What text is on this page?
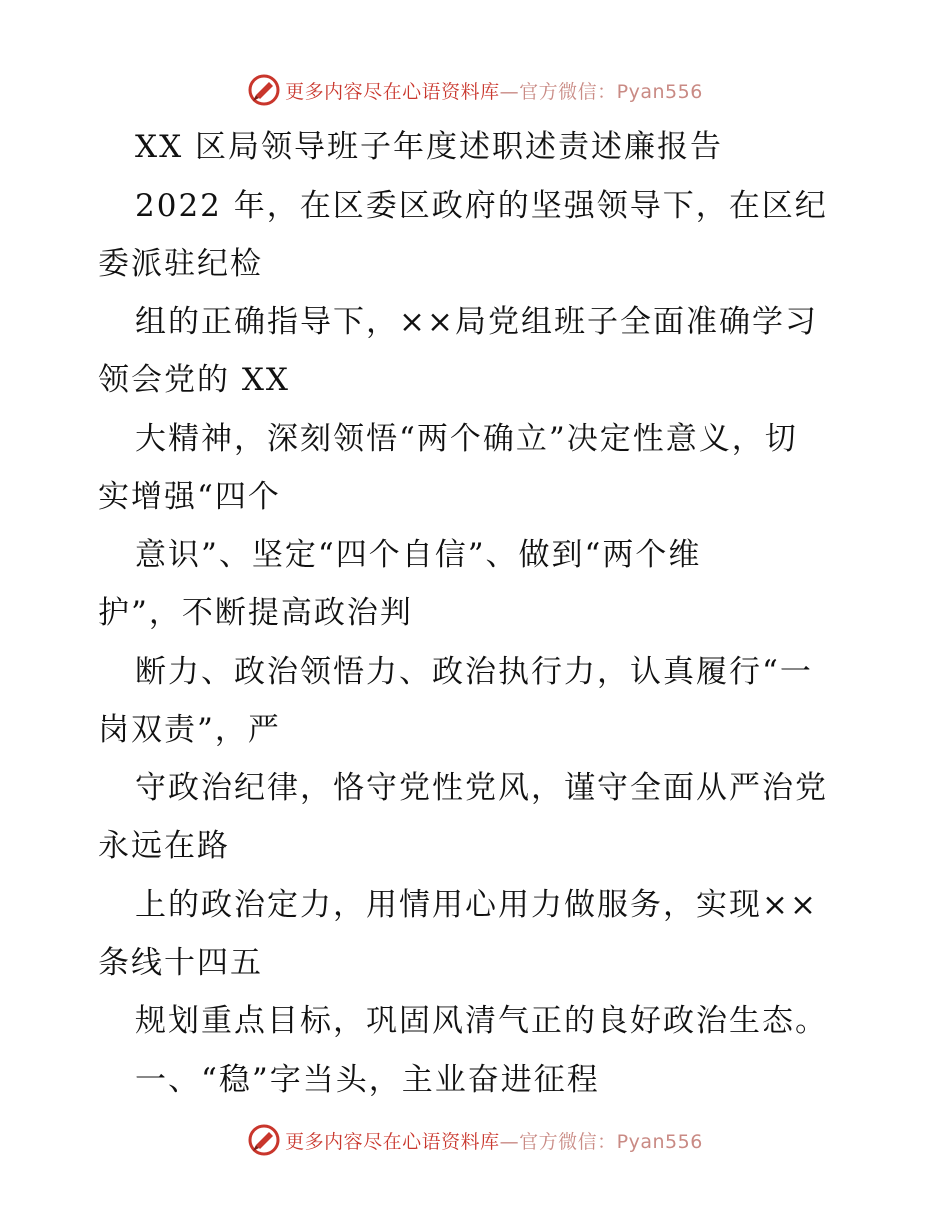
更多内容尽在心语资料库—官方微信：Pyan556
XX 区局领导班子年度述职述责述廉报告
2022 年，在区委区政府的坚强领导下，在区纪
委派驻纪检
组的正确指导下，××局党组班子全面准确学习
领会党的 XX
大精神，深刻领悟“两个确立”决定性意义，切
实增强“四个
意识”、坚定“四个自信”、做到“两个维
护”，不断提高政治判
断力、政治领悟力、政治执行力，认真履行“一
岗双责”，严
守政治纪律，恪守党性党风，谨守全面从严治党
永远在路
上的政治定力，用情用心用力做服务，实现××
条线十四五
规划重点目标，巩固风清气正的良好政治生态。
一、“稳”字当头，主业奋进征程
更多内容尽在心语资料库—官方微信：Pyan556
